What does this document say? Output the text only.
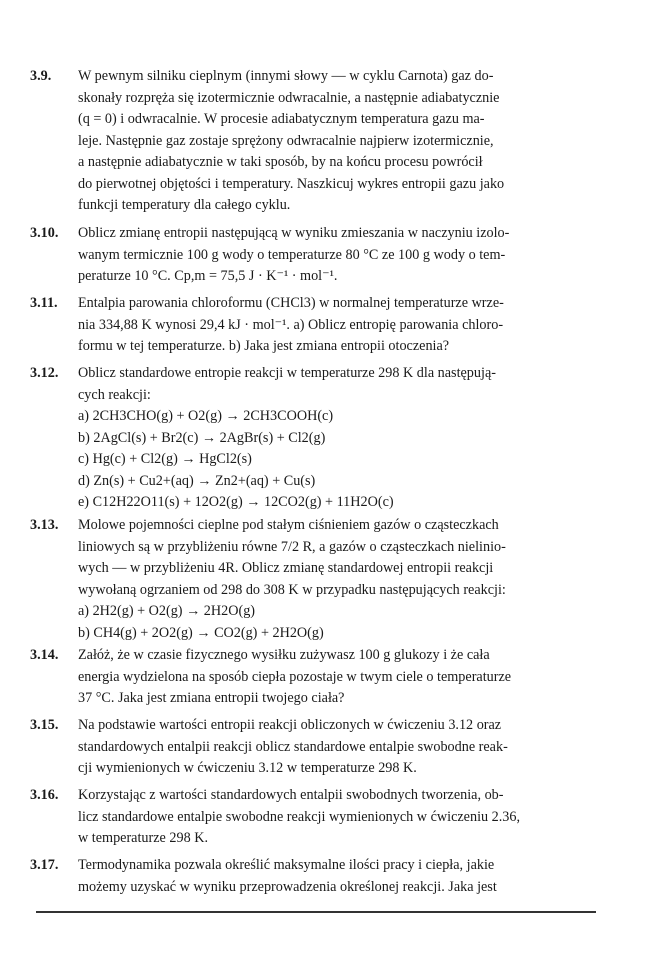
3.9. W pewnym silniku cieplnym (innymi słowy — w cyklu Carnota) gaz do-
skonały rozpręża się izotermicznie odwracalnie, a następnie adiabatycznie
(q = 0) i odwracalnie. W procesie adiabatycznym temperatura gazu ma-
leje. Następnie gaz zostaje sprężony odwracalnie najpierw izotermicznie,
a następnie adiabatycznie w taki sposób, by na końcu procesu powrócił
do pierwotnej objętości i temperatury. Naszkicuj wykres entropii gazu jako
funkcji temperatury dla całego cyklu.
3.10. Oblicz zmianę entropii następującą w wyniku zmieszania w naczyniu izolo-
wanym termicznie 100 g wody o temperaturze 80 °C ze 100 g wody o tem-
peraturze 10 °C. Cp,m = 75,5 J · K⁻¹ · mol⁻¹.
3.11. Entalpia parowania chloroformu (CHCl3) w normalnej temperaturze wrze-
nia 334,88 K wynosi 29,4 kJ · mol⁻¹. a) Oblicz entropię parowania chloro-
formu w tej temperaturze. b) Jaka jest zmiana entropii otoczenia?
3.12. Oblicz standardowe entropie reakcji w temperaturze 298 K dla następują-
cych reakcji:
a) 2CH3CHO(g) + O2(g) → 2CH3COOH(c)
b) 2AgCl(s) + Br2(c) → 2AgBr(s) + Cl2(g)
c) Hg(c) + Cl2(g) → HgCl2(s)
d) Zn(s) + Cu2+(aq) → Zn2+(aq) + Cu(s)
e) C12H22O11(s) + 12O2(g) → 12CO2(g) + 11H2O(c)
3.13. Molowe pojemności cieplne pod stałym ciśnieniem gazów o cząsteczkach
liniowych są w przybliżeniu równe 7/2 R, a gazów o cząsteczkach nielinio-
wych — w przybliżeniu 4R. Oblicz zmianę standardowej entropii reakcji
wywołaną ogrzaniem od 298 do 308 K w przypadku następujących reakcji:
a) 2H2(g) + O2(g) → 2H2O(g)
b) CH4(g) + 2O2(g) → CO2(g) + 2H2O(g)
3.14. Załóż, że w czasie fizycznego wysiłku zużywasz 100 g glukozy i że cała
energia wydzielona na sposób ciepła pozostaje w twym ciele o temperaturze
37 °C. Jaka jest zmiana entropii twojego ciała?
3.15. Na podstawie wartości entropii reakcji obliczonych w ćwiczeniu 3.12 oraz
standardowych entalpii reakcji oblicz standardowe entalpie swobodne reak-
cji wymienionych w ćwiczeniu 3.12 w temperaturze 298 K.
3.16. Korzystając z wartości standardowych entalpii swobodnych tworzenia, ob-
licz standardowe entalpie swobodne reakcji wymienionych w ćwiczeniu 2.36,
w temperaturze 298 K.
3.17. Termodynamika pozwala określić maksymalne ilości pracy i ciepła, jakie
możemy uzyskać w wyniku przeprowadzenia określonej reakcji. Jaka jest
